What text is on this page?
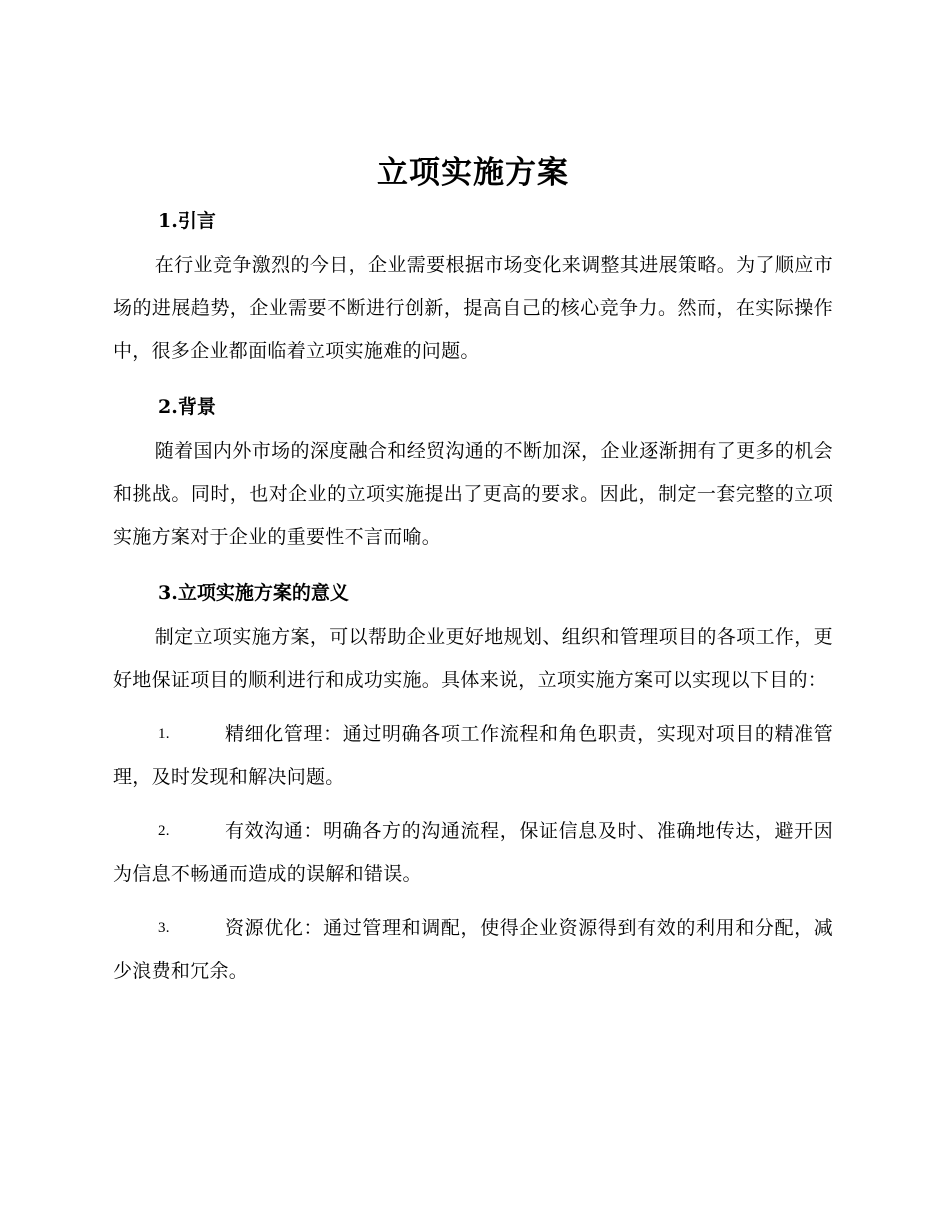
立项实施方案
1.引言

在行业竞争激烈的今日，企业需要根据市场变化来调整其进展策略。为了顺应市场的进展趋势，企业需要不断进行创新，提高自己的核心竞争力。然而，在实际操作中，很多企业都面临着立项实施难的问题。

2.背景

随着国内外市场的深度融合和经贸沟通的不断加深，企业逐渐拥有了更多的机会和挑战。同时，也对企业的立项实施提出了更高的要求。因此，制定一套完整的立项实施方案对于企业的重要性不言而喻。

3.立项实施方案的意义

制定立项实施方案，可以帮助企业更好地规划、组织和管理项目的各项工作，更好地保证项目的顺利进行和成功实施。具体来说，立项实施方案可以实现以下目的：

1.	精细化管理：通过明确各项工作流程和角色职责，实现对项目的精准管理，及时发现和解决问题。

2.	有效沟通：明确各方的沟通流程，保证信息及时、准确地传达，避开因为信息不畅通而造成的误解和错误。

3.	资源优化：通过管理和调配，使得企业资源得到有效的利用和分配，减少浪费和冗余。
